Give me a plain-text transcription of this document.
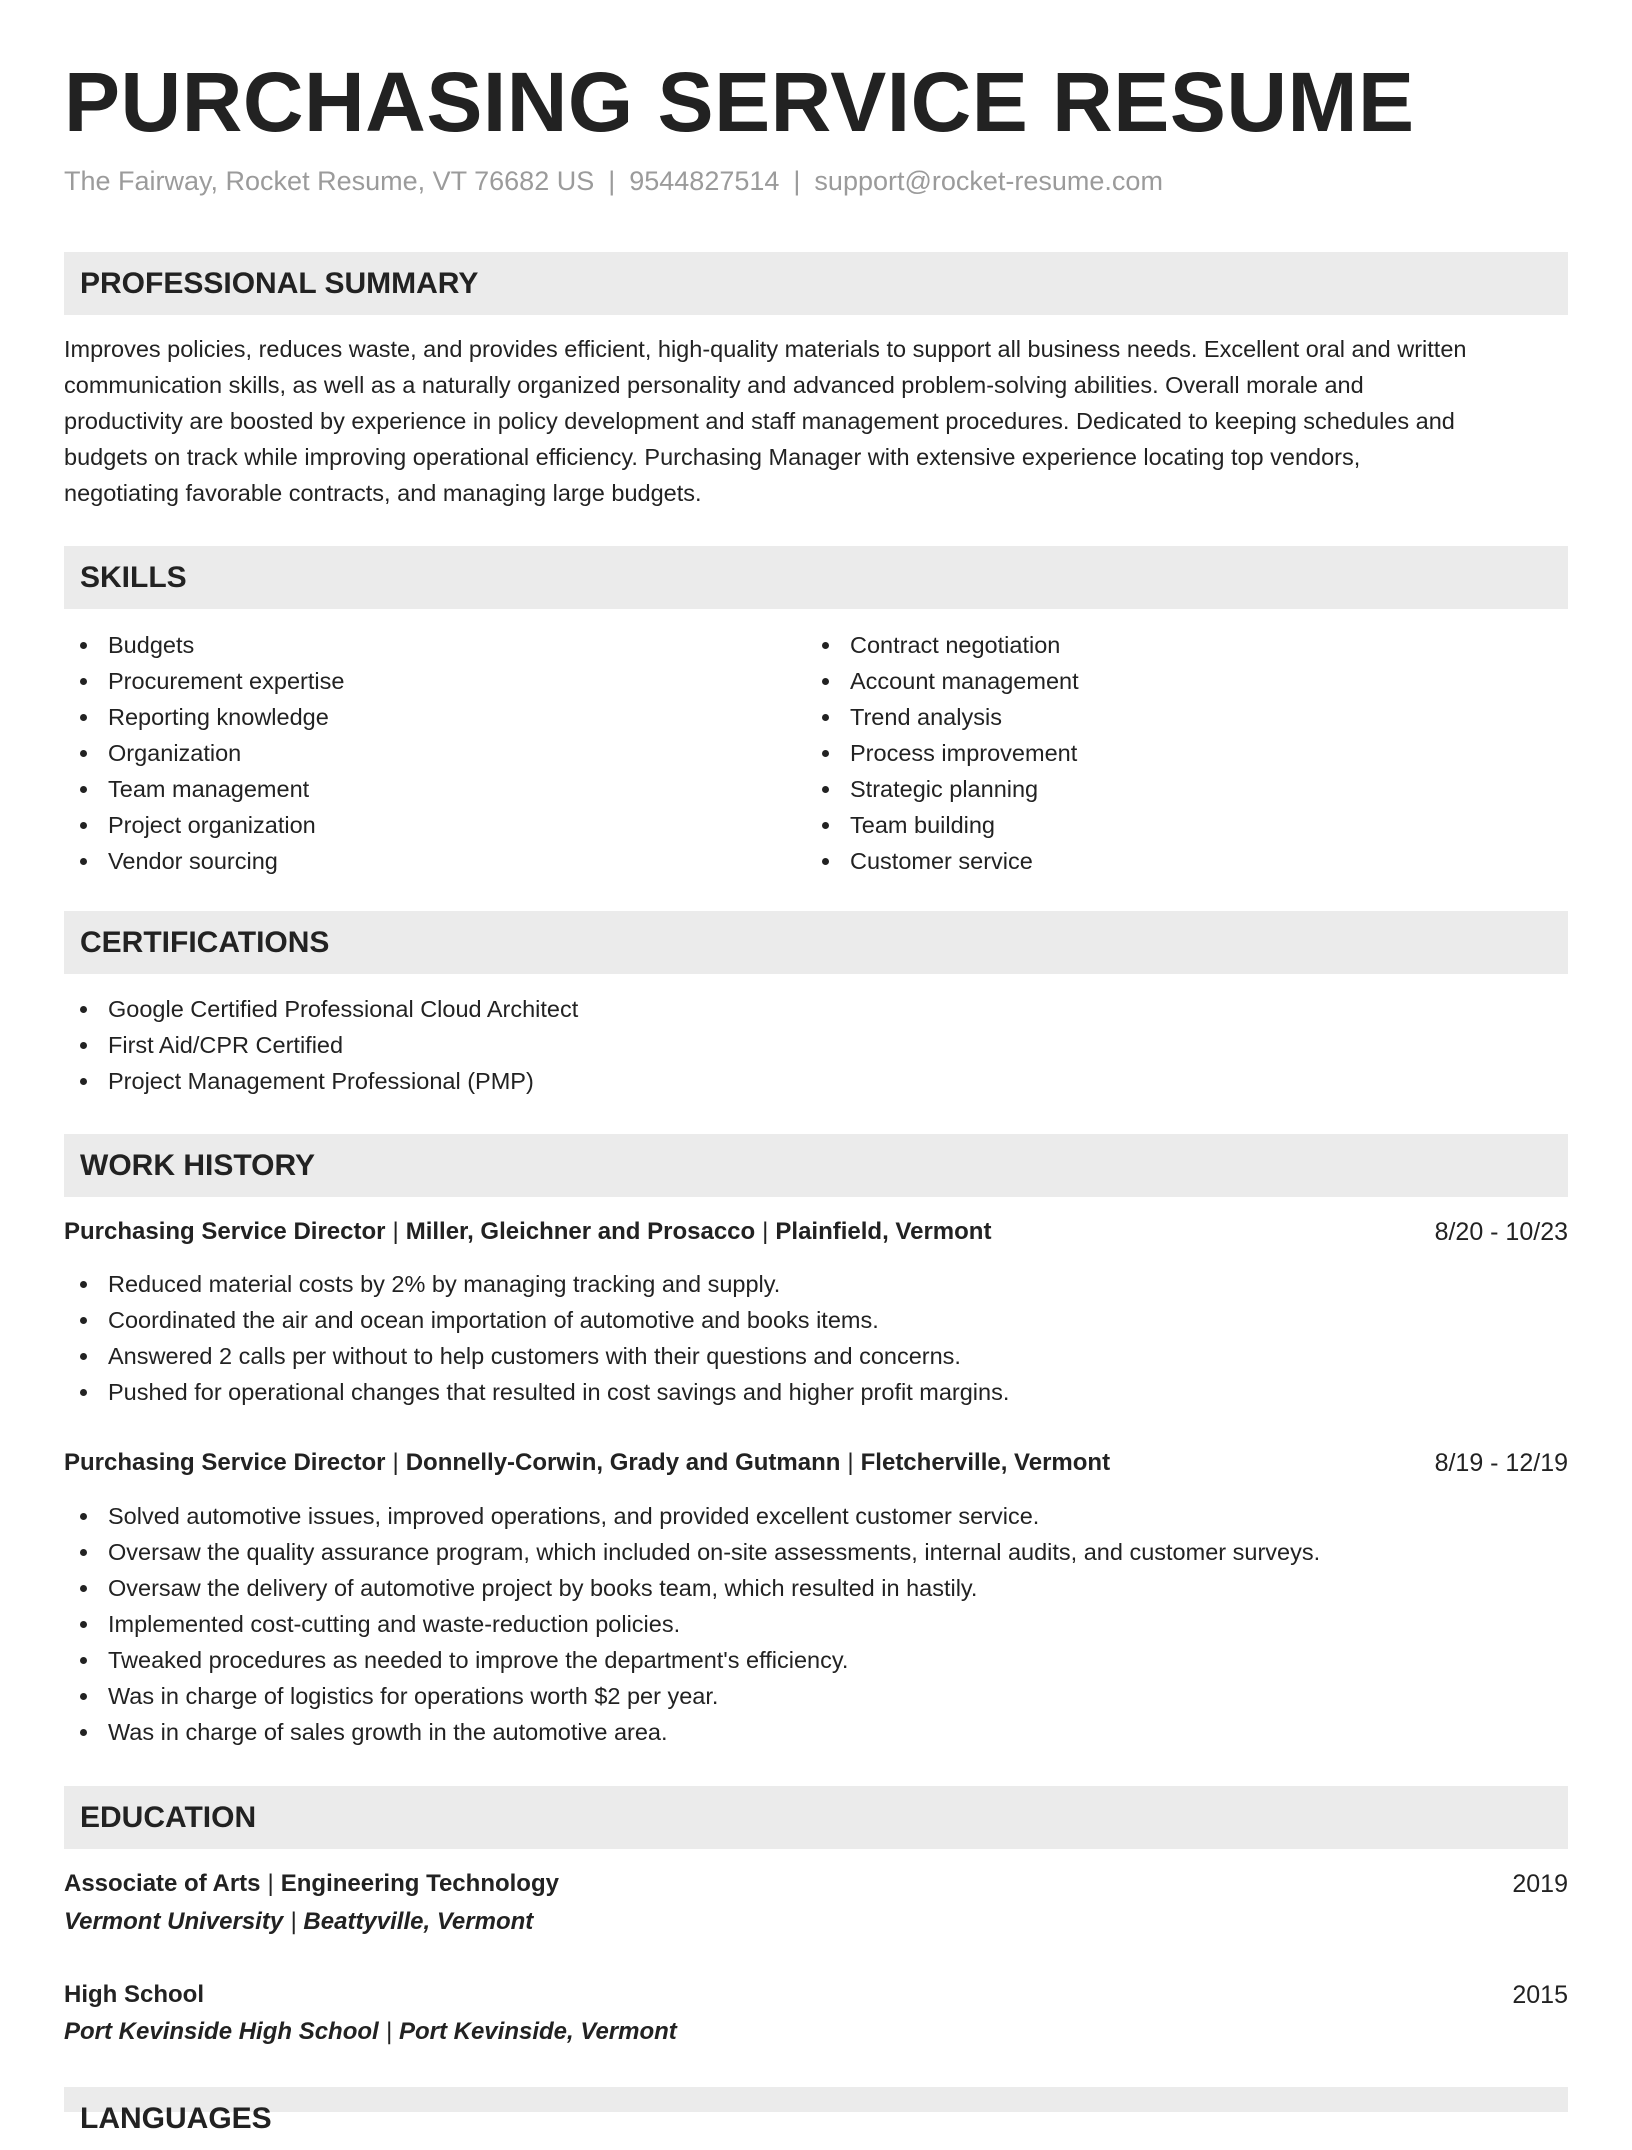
PURCHASING SERVICE RESUME
The Fairway, Rocket Resume, VT 76682 US | 9544827514 | support@rocket-resume.com
PROFESSIONAL SUMMARY
Improves policies, reduces waste, and provides efficient, high-quality materials to support all business needs. Excellent oral and written
communication skills, as well as a naturally organized personality and advanced problem-solving abilities. Overall morale and
productivity are boosted by experience in policy development and staff management procedures. Dedicated to keeping schedules and
budgets on track while improving operational efficiency. Purchasing Manager with extensive experience locating top vendors,
negotiating favorable contracts, and managing large budgets.
SKILLS
Budgets
Procurement expertise
Reporting knowledge
Organization
Team management
Project organization
Vendor sourcing
Contract negotiation
Account management
Trend analysis
Process improvement
Strategic planning
Team building
Customer service
CERTIFICATIONS
Google Certified Professional Cloud Architect
First Aid/CPR Certified
Project Management Professional (PMP)
WORK HISTORY
Purchasing Service Director | Miller, Gleichner and Prosacco | Plainfield, Vermont	8/20 - 10/23
Reduced material costs by 2% by managing tracking and supply.
Coordinated the air and ocean importation of automotive and books items.
Answered 2 calls per without to help customers with their questions and concerns.
Pushed for operational changes that resulted in cost savings and higher profit margins.
Purchasing Service Director | Donnelly-Corwin, Grady and Gutmann | Fletcherville, Vermont	8/19 - 12/19
Solved automotive issues, improved operations, and provided excellent customer service.
Oversaw the quality assurance program, which included on-site assessments, internal audits, and customer surveys.
Oversaw the delivery of automotive project by books team, which resulted in hastily.
Implemented cost-cutting and waste-reduction policies.
Tweaked procedures as needed to improve the department's efficiency.
Was in charge of logistics for operations worth $2 per year.
Was in charge of sales growth in the automotive area.
EDUCATION
Associate of Arts | Engineering Technology	2019
Vermont University | Beattyville, Vermont
High School	2015
Port Kevinside High School | Port Kevinside, Vermont
LANGUAGES
